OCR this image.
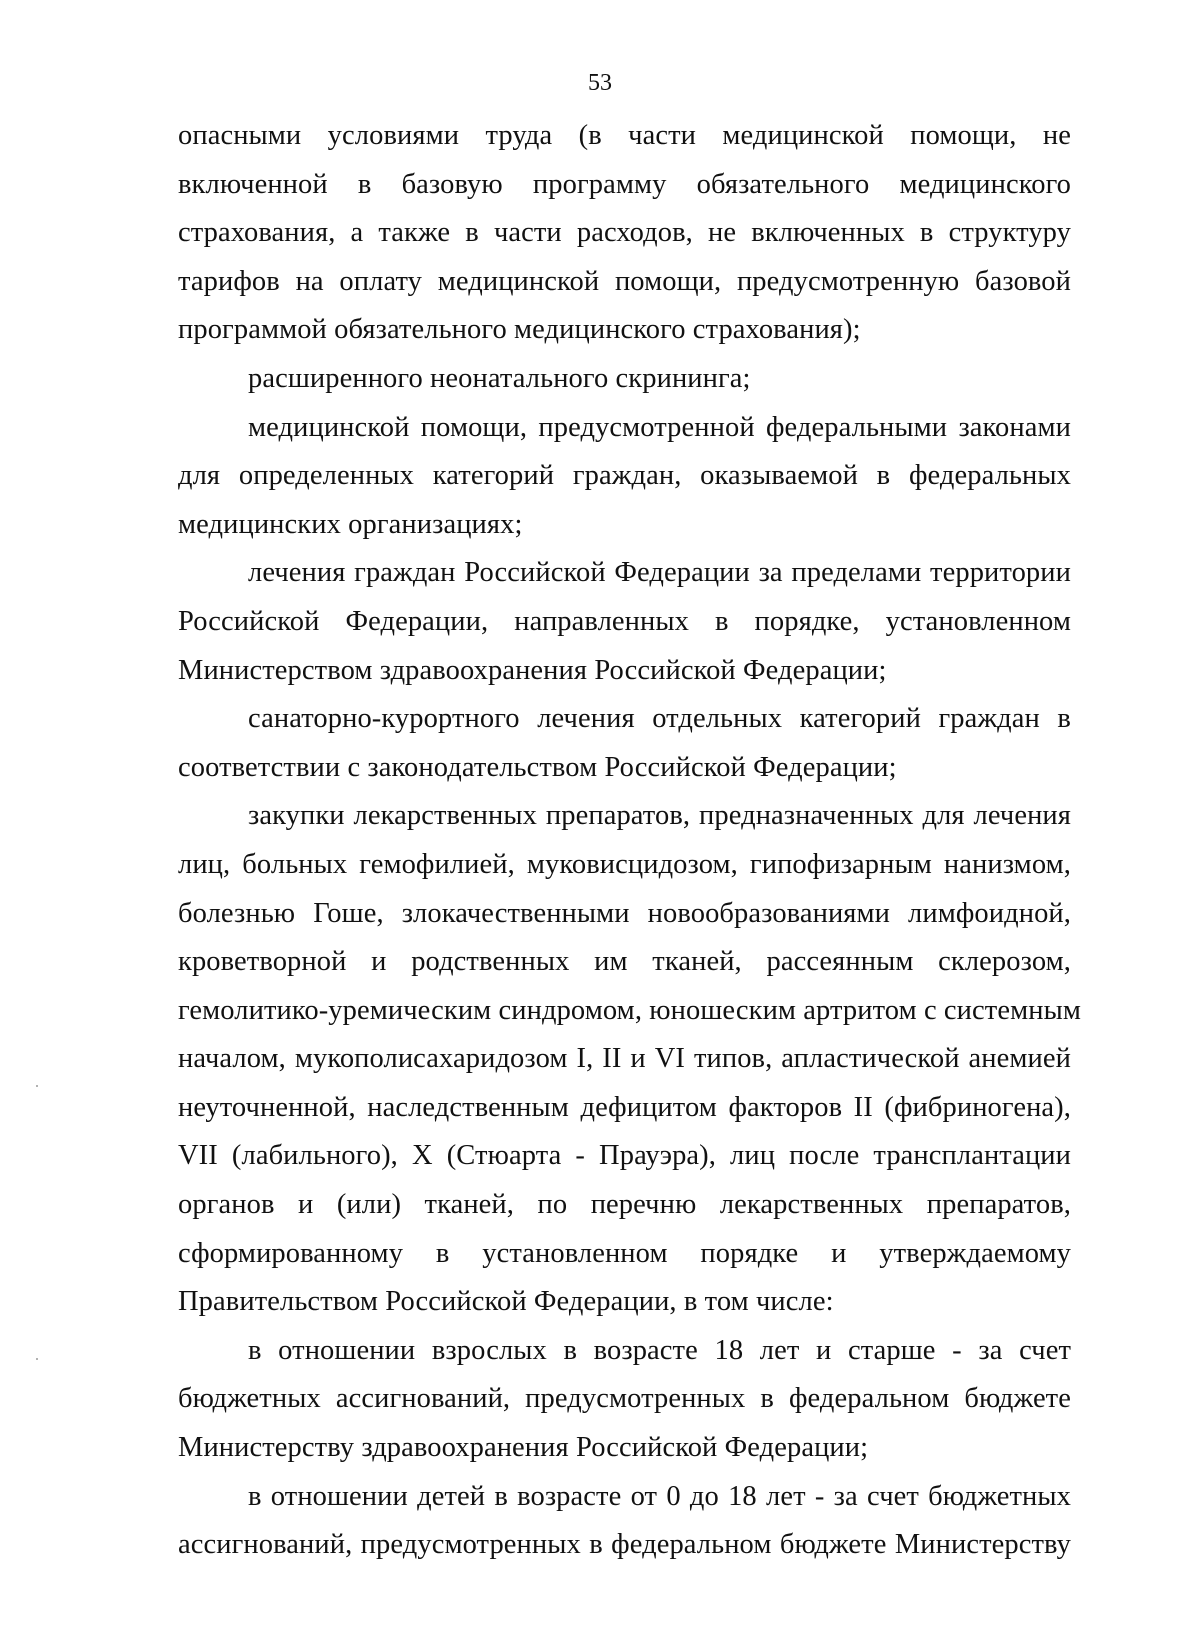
53
опасными условиями труда (в части медицинской помощи, не
включенной в базовую программу обязательного медицинского
страхования, а также в части расходов, не включенных в структуру
тарифов на оплату медицинской помощи, предусмотренную базовой
программой обязательного медицинского страхования);
расширенного неонатального скрининга;
медицинской помощи, предусмотренной федеральными законами
для определенных категорий граждан, оказываемой в федеральных
медицинских организациях;
лечения граждан Российской Федерации за пределами территории
Российской Федерации, направленных в порядке, установленном
Министерством здравоохранения Российской Федерации;
санаторно-курортного лечения отдельных категорий граждан в
соответствии с законодательством Российской Федерации;
закупки лекарственных препаратов, предназначенных для лечения
лиц, больных гемофилией, муковисцидозом, гипофизарным нанизмом,
болезнью Гоше, злокачественными новообразованиями лимфоидной,
кроветворной и родственных им тканей, рассеянным склерозом,
гемолитико-уремическим синдромом, юношеским артритом с системным
началом, мукополисахаридозом I, II и VI типов, апластической анемией
неуточненной, наследственным дефицитом факторов II (фибриногена),
VII (лабильного), X (Стюарта - Прауэра), лиц после трансплантации
органов и (или) тканей, по перечню лекарственных препаратов,
сформированному в установленном порядке и утверждаемому
Правительством Российской Федерации, в том числе:
в отношении взрослых в возрасте 18 лет и старше - за счет
бюджетных ассигнований, предусмотренных в федеральном бюджете
Министерству здравоохранения Российской Федерации;
в отношении детей в возрасте от 0 до 18 лет - за счет бюджетных
ассигнований, предусмотренных в федеральном бюджете Министерству
